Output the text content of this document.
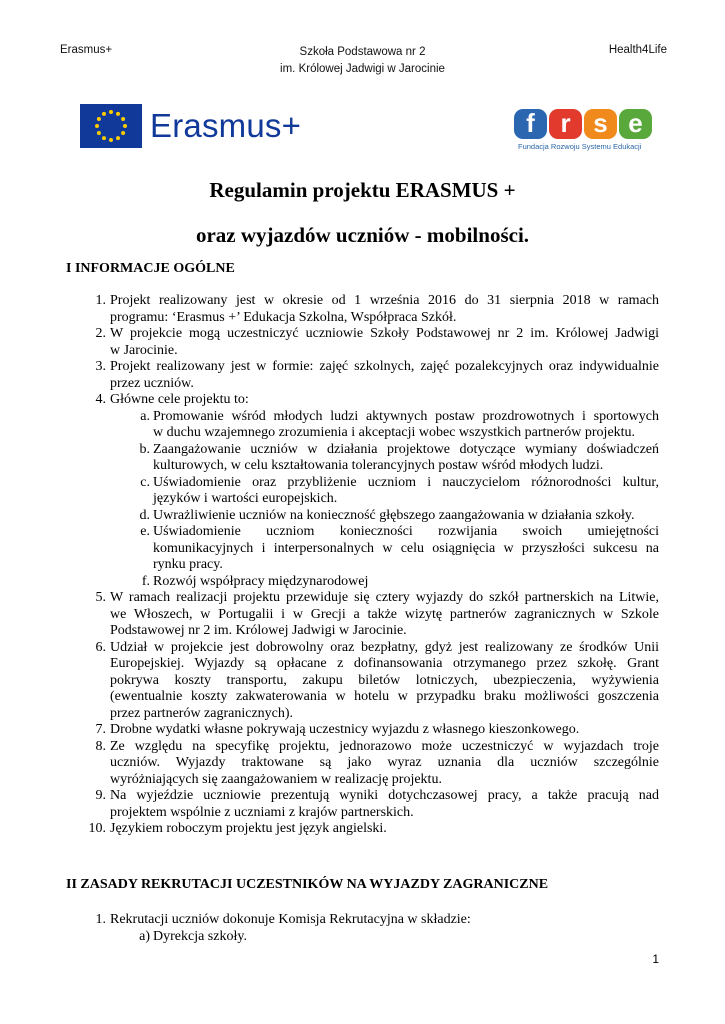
Erasmus+	Szkoła Podstawowa nr 2
im. Królowej Jadwigi w Jarocinie
Health4Life
Erasmus+	f r s e
Fundacja Rozwoju Systemu Edukacji
Regulamin projektu ERASMUS +
oraz wyjazdów uczniów - mobilności.
I INFORMACJE OGÓLNE
1. Projekt realizowany jest w okresie od 1 września 2016 do 31 sierpnia 2018 w ramach
programu: ‘Erasmus +’ Edukacja Szkolna, Współpraca Szkół.
2. W projekcie mogą uczestniczyć uczniowie Szkoły Podstawowej nr 2 im. Królowej Jadwigi
w Jarocinie.
3. Projekt realizowany jest w formie: zajęć szkolnych, zajęć pozalekcyjnych oraz indywidualnie
przez uczniów.
4. Główne cele projektu to:
a. Promowanie wśród młodych ludzi aktywnych postaw prozdrowotnych i sportowych
w duchu wzajemnego zrozumienia i akceptacji wobec wszystkich partnerów projektu.
b. Zaangażowanie uczniów w działania projektowe dotyczące wymiany doświadczeń
kulturowych, w celu kształtowania tolerancyjnych postaw wśród młodych ludzi.
c. Uświadomienie oraz przybliżenie uczniom i nauczycielom różnorodności kultur,
języków i wartości europejskich.
d. Uwrażliwienie uczniów na konieczność głębszego zaangażowania w działania szkoły.
e. Uświadomienie uczniom konieczności rozwijania swoich umiejętności
komunikacyjnych i interpersonalnych w celu osiągnięcia w przyszłości sukcesu na
rynku pracy.
f. Rozwój współpracy międzynarodowej
5. W ramach realizacji projektu przewiduje się cztery wyjazdy do szkół partnerskich na Litwie,
we Włoszech, w Portugalii i w Grecji a także wizytę partnerów zagranicznych w Szkole
Podstawowej nr 2 im. Królowej Jadwigi w Jarocinie.
6. Udział w projekcie jest dobrowolny oraz bezpłatny, gdyż jest realizowany ze środków Unii
Europejskiej. Wyjazdy są opłacane z dofinansowania otrzymanego przez szkołę. Grant
pokrywa koszty transportu, zakupu biletów lotniczych, ubezpieczenia, wyżywienia
(ewentualnie koszty zakwaterowania w hotelu w przypadku braku możliwości goszczenia
przez partnerów zagranicznych).
7. Drobne wydatki własne pokrywają uczestnicy wyjazdu z własnego kieszonkowego.
8. Ze względu na specyfikę projektu, jednorazowo może uczestniczyć w wyjazdach troje
uczniów. Wyjazdy traktowane są jako wyraz uznania dla uczniów szczególnie
wyróżniających się zaangażowaniem w realizację projektu.
9. Na wyjeździe uczniowie prezentują wyniki dotychczasowej pracy, a także pracują nad
projektem wspólnie z uczniami z krajów partnerskich.
10. Językiem roboczym projektu jest język angielski.
1. Rekrutacji uczniów dokonuje Komisja Rekrutacyjna w składzie:
a) Dyrekcja szkoły.
II ZASADY REKRUTACJI UCZESTNIKÓW NA WYJAZDY ZAGRANICZNE
1
